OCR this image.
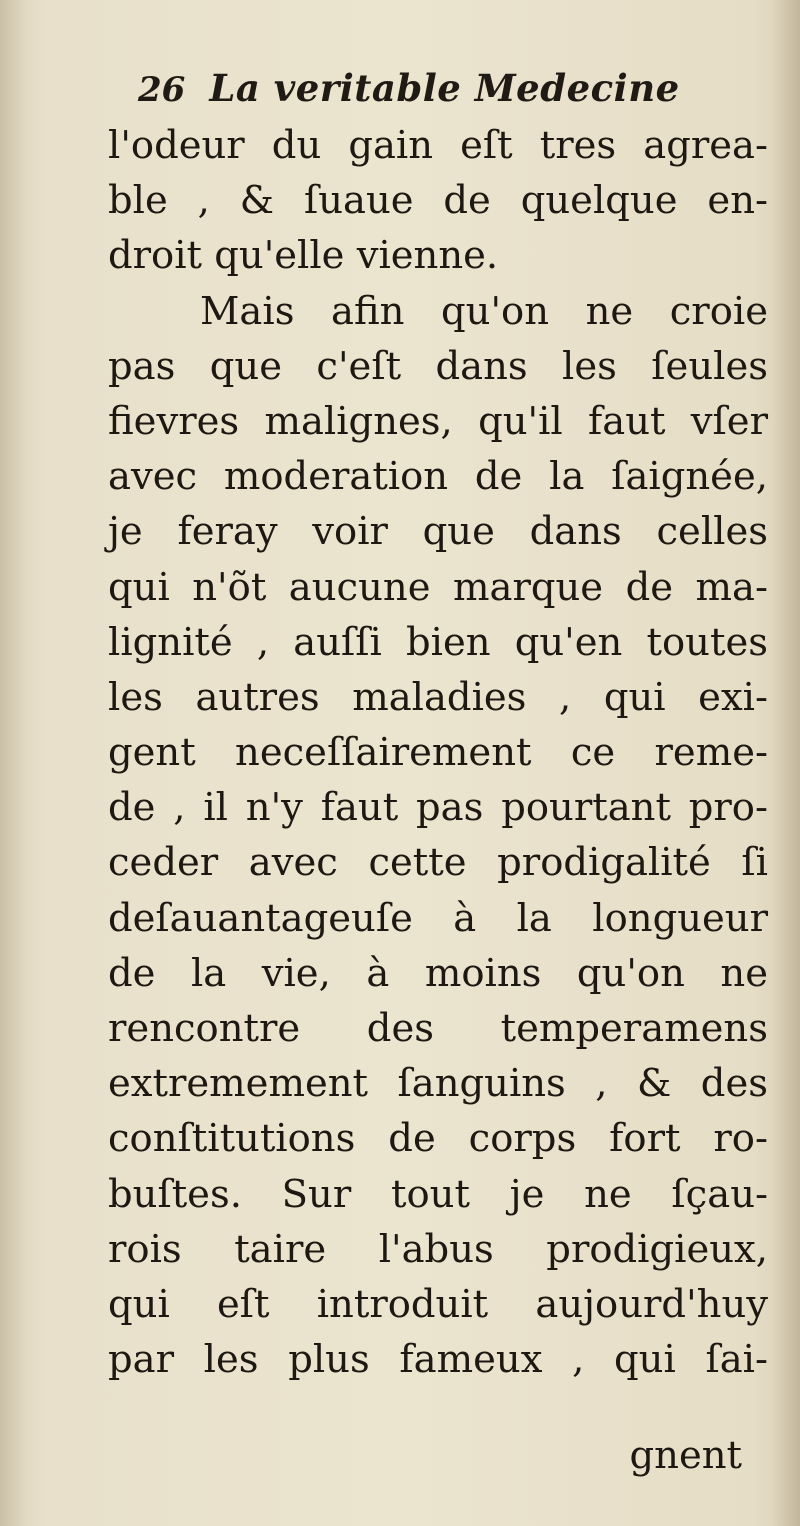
26 La veritable Medecine
l'odeur du gain eſt tres agrea-
ble , & ſuaue de quelque en-
droit qu'elle vienne.
Mais afin qu'on ne croie
pas que c'eſt dans les ſeules
fievres malignes, qu'il faut vſer
avec moderation de la ſaignée,
je feray voir que dans celles
qui n'õt aucune marque de ma-
lignité , auſſi bien qu'en toutes
les autres maladies , qui exi-
gent neceſſairement ce reme-
de , il n'y faut pas pourtant pro-
ceder avec cette prodigalité ſi
deſauantageuſe à la longueur
de la vie, à moins qu'on ne
rencontre des temperamens
extremement ſanguins , & des
conſtitutions de corps fort ro-
buſtes. Sur tout je ne ſçau-
rois taire l'abus prodigieux,
qui eſt introduit aujourd'huy
par les plus fameux , qui ſai-
gnent
